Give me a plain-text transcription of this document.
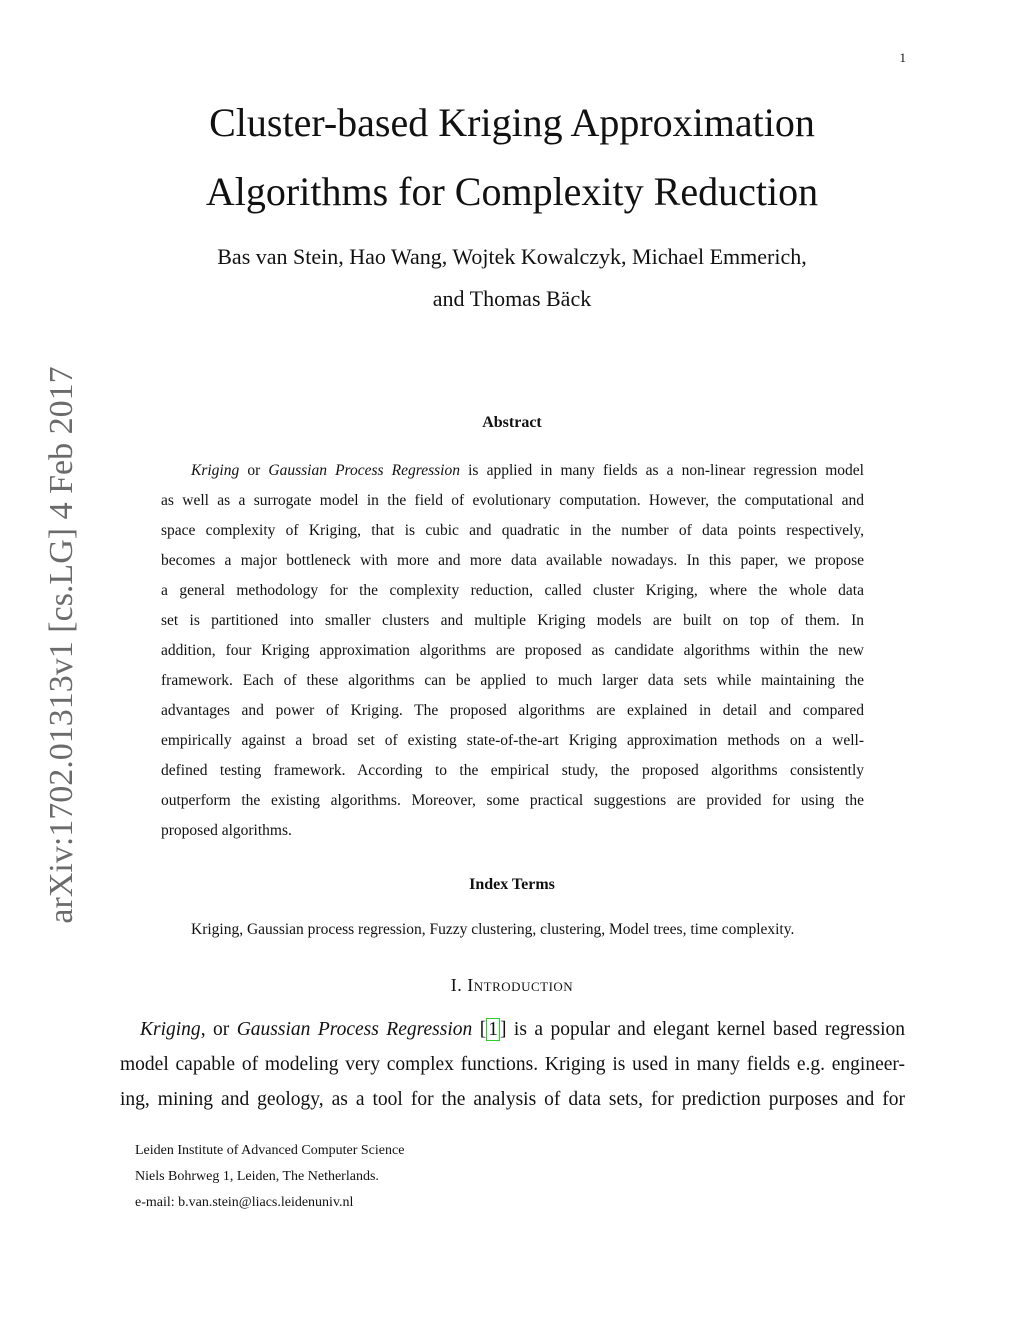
1
arXiv:1702.01313v1 [cs.LG] 4 Feb 2017
Cluster-based Kriging Approximation
Algorithms for Complexity Reduction
Bas van Stein, Hao Wang, Wojtek Kowalczyk, Michael Emmerich,
and Thomas Bäck
Abstract
Kriging or Gaussian Process Regression is applied in many fields as a non-linear regression model
as well as a surrogate model in the field of evolutionary computation. However, the computational and
space complexity of Kriging, that is cubic and quadratic in the number of data points respectively,
becomes a major bottleneck with more and more data available nowadays. In this paper, we propose
a general methodology for the complexity reduction, called cluster Kriging, where the whole data
set is partitioned into smaller clusters and multiple Kriging models are built on top of them. In
addition, four Kriging approximation algorithms are proposed as candidate algorithms within the new
framework. Each of these algorithms can be applied to much larger data sets while maintaining the
advantages and power of Kriging. The proposed algorithms are explained in detail and compared
empirically against a broad set of existing state-of-the-art Kriging approximation methods on a well-
defined testing framework. According to the empirical study, the proposed algorithms consistently
outperform the existing algorithms. Moreover, some practical suggestions are provided for using the
proposed algorithms.
Index Terms
Kriging, Gaussian process regression, Fuzzy clustering, clustering, Model trees, time complexity.
I. Introduction
Kriging, or Gaussian Process Regression [ 1 ] is a popular and elegant kernel based regression
model capable of modeling very complex functions. Kriging is used in many fields e.g. engineer-
ing, mining and geology, as a tool for the analysis of data sets, for prediction purposes and for
Leiden Institute of Advanced Computer Science
Niels Bohrweg 1, Leiden, The Netherlands.
e-mail: b.van.stein@liacs.leidenuniv.nl
